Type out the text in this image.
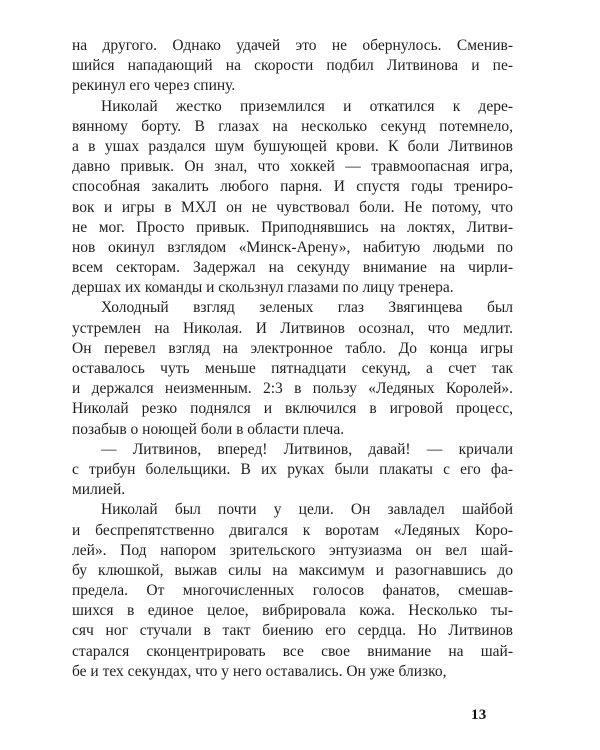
на другого. Однако удачей это не обернулось. Сменив-
шийся нападающий на скорости подбил Литвинова и пе-
рекинул его через спину.
Николай жестко приземлился и откатился к дере-
вянному борту. В глазах на несколько секунд потемнело,
а в ушах раздался шум бушующей крови. К боли Литвинов
давно привык. Он знал, что хоккей — травмоопасная игра,
способная закалить любого парня. И спустя годы трениро-
вок и игры в МХЛ он не чувствовал боли. Не потому, что
не мог. Просто привык. Приподнявшись на локтях, Литви-
нов окинул взглядом «Минск-Арену», набитую людьми по
всем секторам. Задержал на секунду внимание на чирли-
дершах их команды и скользнул глазами по лицу тренера.
Холодный взгляд зеленых глаз Звягинцева был
устремлен на Николая. И Литвинов осознал, что медлит.
Он перевел взгляд на электронное табло. До конца игры
оставалось чуть меньше пятнадцати секунд, а счет так
и держался неизменным. 2:3 в пользу «Ледяных Королей».
Николай резко поднялся и включился в игровой процесс,
позабыв о ноющей боли в области плеча.
— Литвинов, вперед! Литвинов, давай! — кричали
с трибун болельщики. В их руках были плакаты с его фа-
милией.
Николай был почти у цели. Он завладел шайбой
и беспрепятственно двигался к воротам «Ледяных Коро-
лей». Под напором зрительского энтузиазма он вел шай-
бу клюшкой, выжав силы на максимум и разогнавшись до
предела. От многочисленных голосов фанатов, смешав-
шихся в единое целое, вибрировала кожа. Несколько ты-
сяч ног стучали в такт биению его сердца. Но Литвинов
старался сконцентрировать все свое внимание на шай-
бе и тех секундах, что у него оставались. Он уже близко,
13
